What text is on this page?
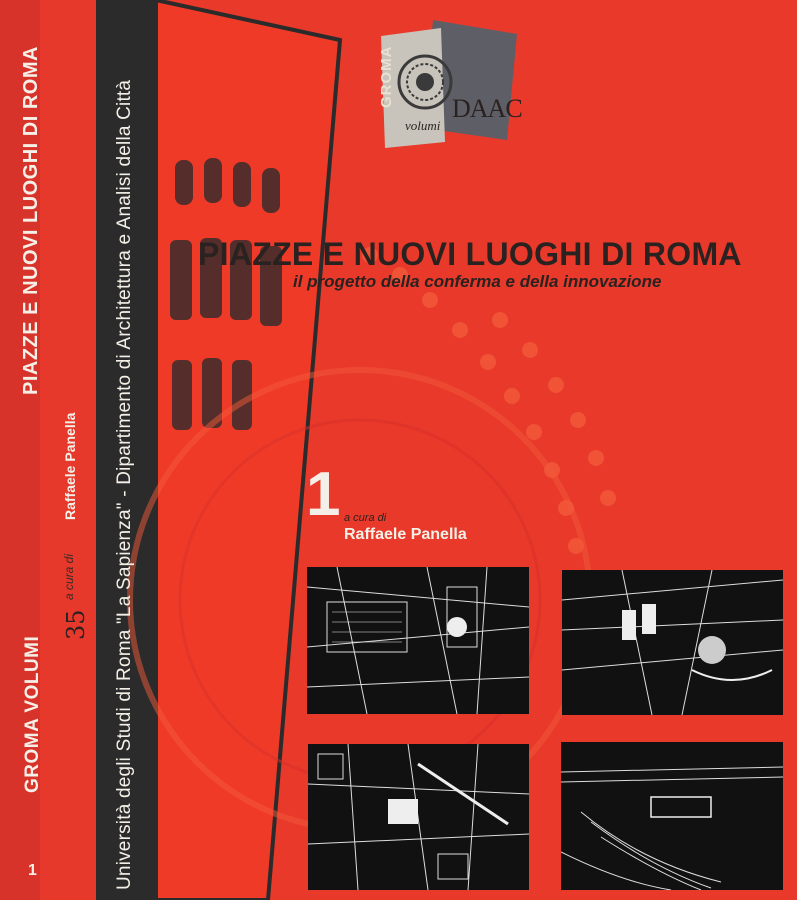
GROMA VOLUMI
a cura di
Raffaele Panella
PIAZZE E NUOVI LUOGHI DI ROMA
35
1	Università degli Studi di Roma "La Sapienza" - Dipartimento di Architettura e Analisi della Città
GROMA
volumi
DAAC
PIAZZE E NUOVI LUOGHI DI ROMA
il progetto della conferma e della innovazione
1 a cura di
Raffaele Panella
